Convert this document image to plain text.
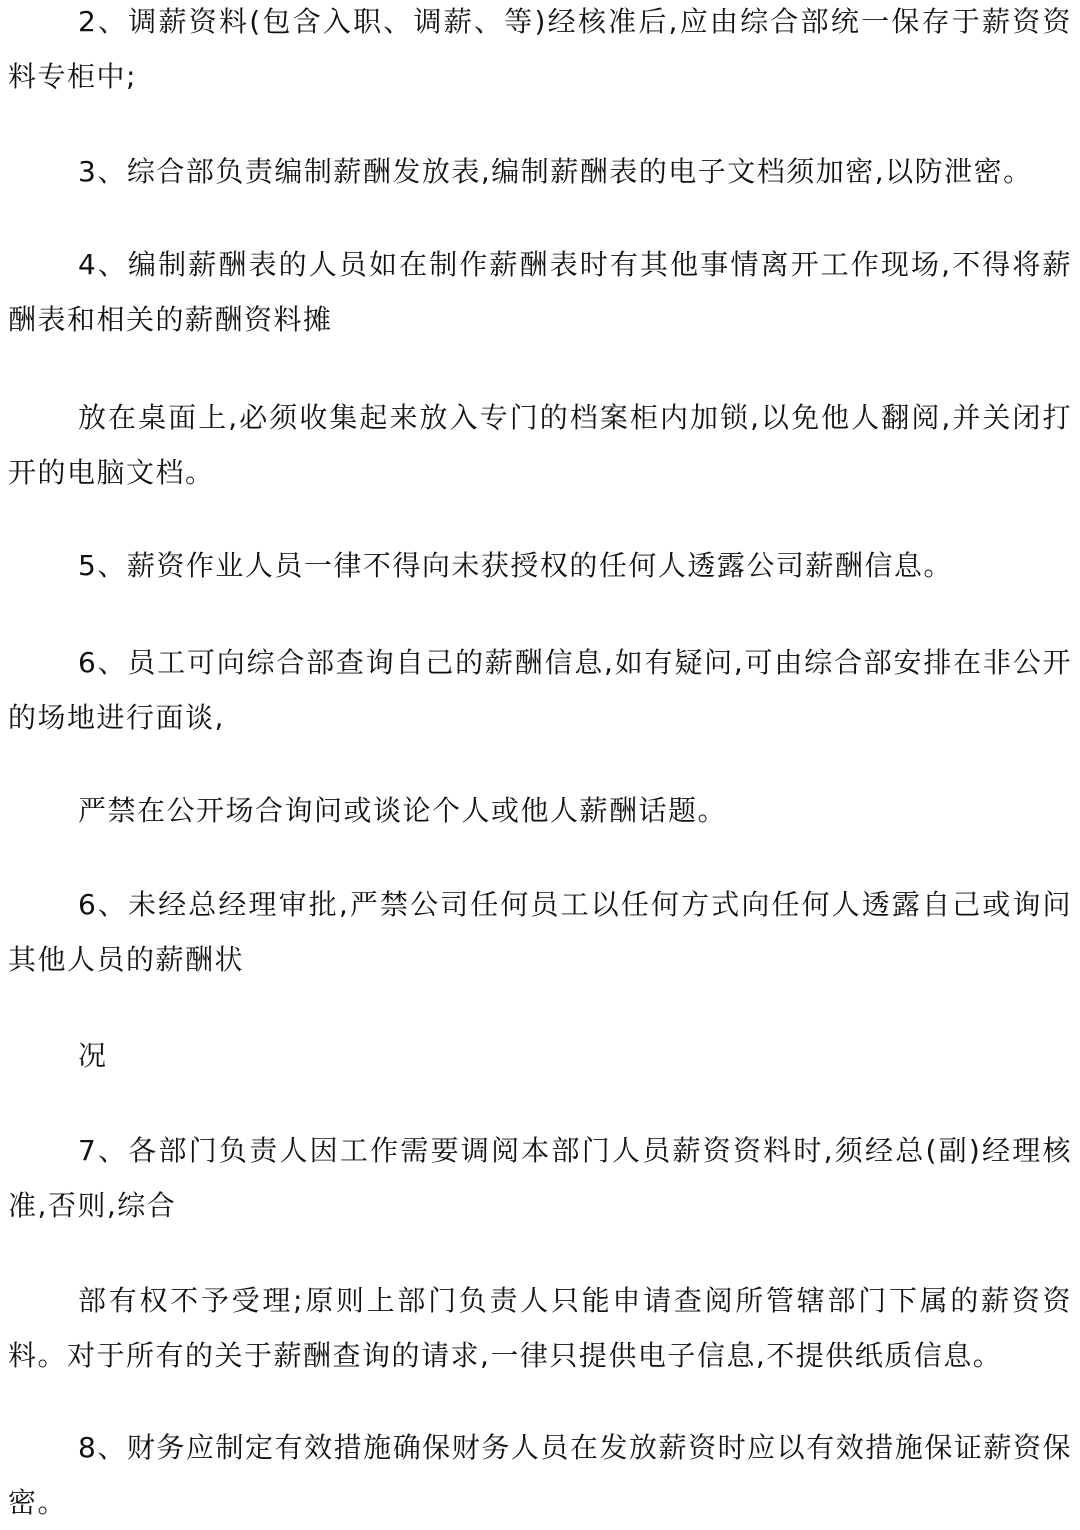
2、调薪资料(包含入职、调薪、等)经核准后,应由综合部统一保存于薪资资料专柜中;

3、综合部负责编制薪酬发放表,编制薪酬表的电子文档须加密,以防泄密。

4、编制薪酬表的人员如在制作薪酬表时有其他事情离开工作现场,不得将薪酬表和相关的薪酬资料摊

放在桌面上,必须收集起来放入专门的档案柜内加锁,以免他人翻阅,并关闭打开的电脑文档。

5、薪资作业人员一律不得向未获授权的任何人透露公司薪酬信息。

6、员工可向综合部查询自己的薪酬信息,如有疑问,可由综合部安排在非公开的场地进行面谈,

严禁在公开场合询问或谈论个人或他人薪酬话题。

6、未经总经理审批,严禁公司任何员工以任何方式向任何人透露自己或询问其他人员的薪酬状

况

7、各部门负责人因工作需要调阅本部门人员薪资资料时,须经总(副)经理核准,否则,综合

部有权不予受理;原则上部门负责人只能申请查阅所管辖部门下属的薪资资料。对于所有的关于薪酬查询的请求,一律只提供电子信息,不提供纸质信息。

8、财务应制定有效措施确保财务人员在发放薪资时应以有效措施保证薪资保密。
